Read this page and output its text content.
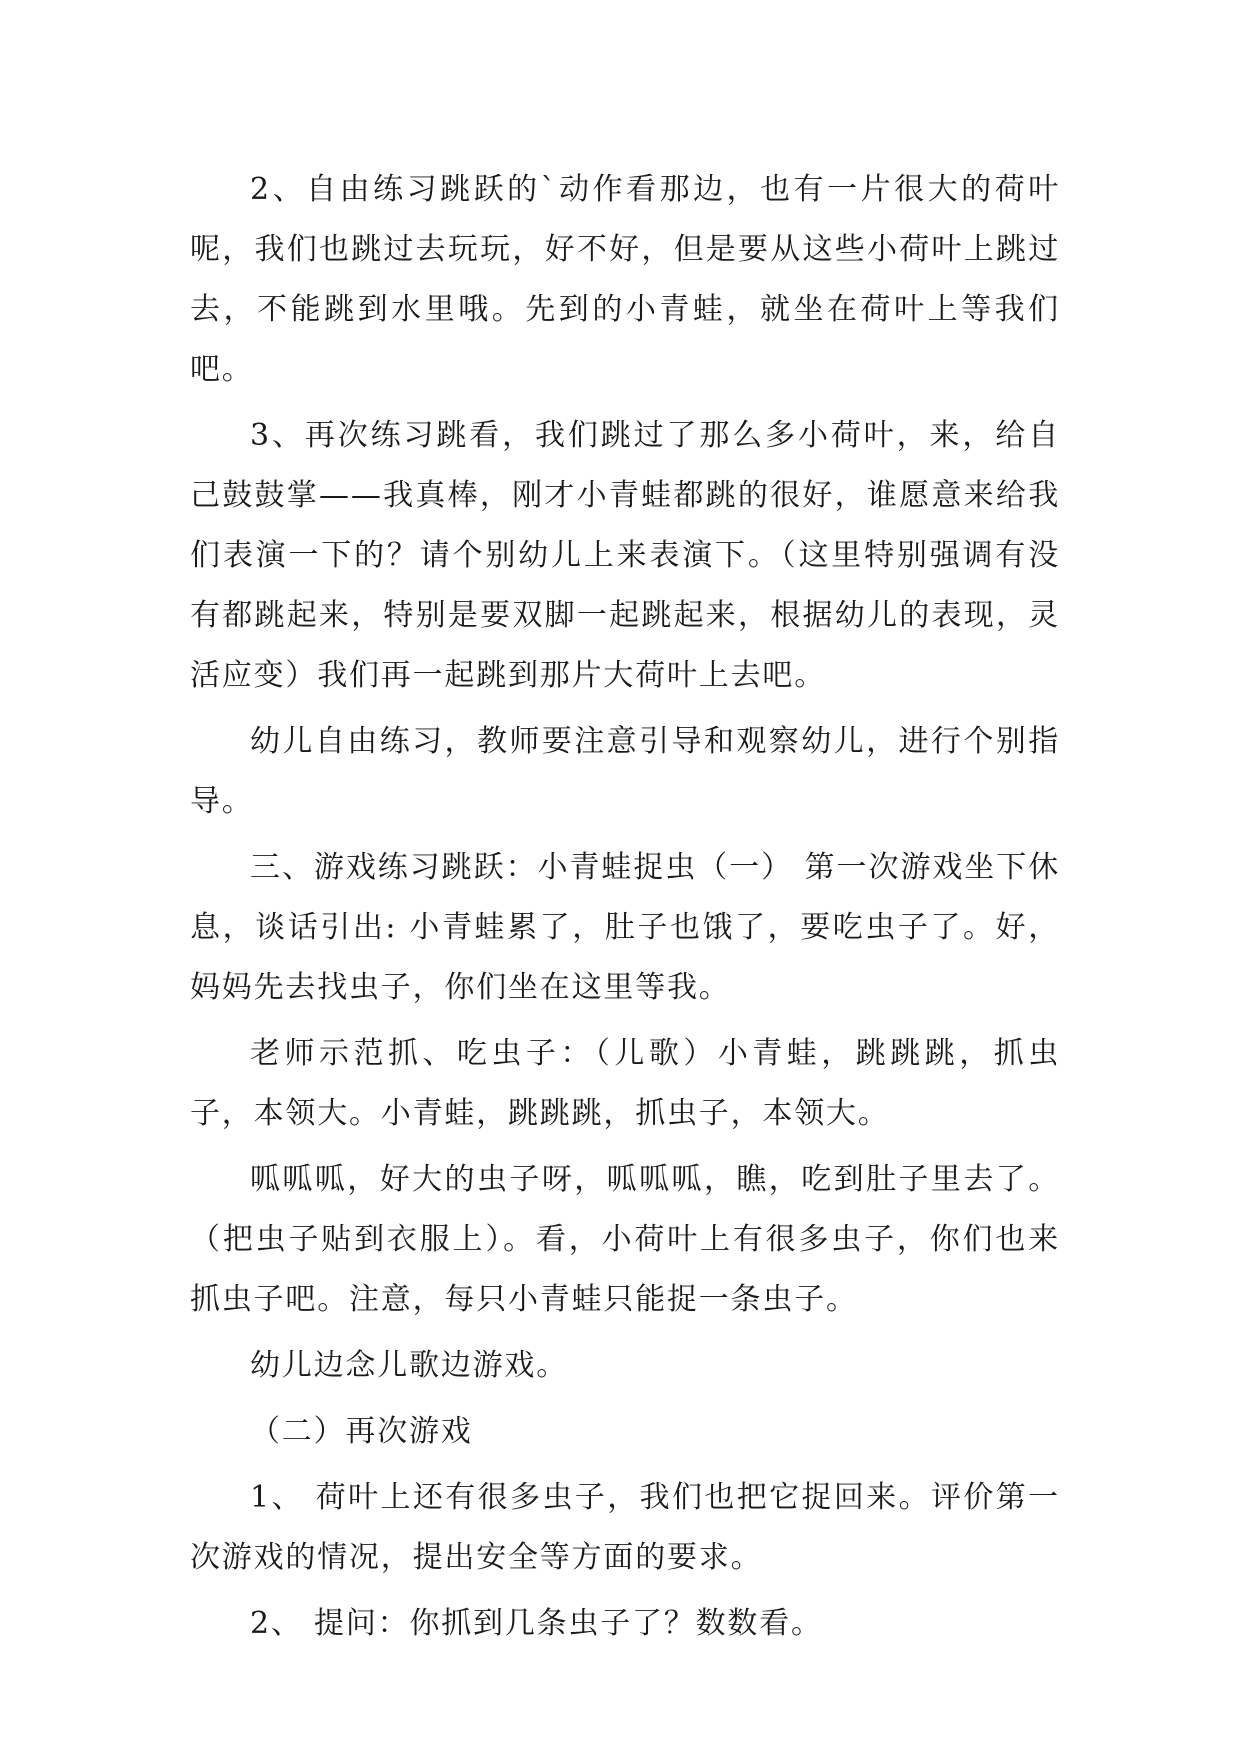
2、自由练习跳跃的`动作看那边，也有一片很大的荷叶呢，我们也跳过去玩玩，好不好，但是要从这些小荷叶上跳过去，不能跳到水里哦。先到的小青蛙，就坐在荷叶上等我们吧。

3、再次练习跳看，我们跳过了那么多小荷叶，来，给自己鼓鼓掌——我真棒，刚才小青蛙都跳的很好，谁愿意来给我们表演一下的？请个别幼儿上来表演下。（这里特别强调有没有都跳起来，特别是要双脚一起跳起来，根据幼儿的表现，灵活应变）我们再一起跳到那片大荷叶上去吧。

幼儿自由练习，教师要注意引导和观察幼儿，进行个别指导。

三、游戏练习跳跃：小青蛙捉虫（一） 第一次游戏坐下休息，谈话引出: 小青蛙累了，肚子也饿了，要吃虫子了。好，妈妈先去找虫子，你们坐在这里等我。

老师示范抓、吃虫子：（儿歌）小青蛙，跳跳跳，抓虫子，本领大。小青蛙，跳跳跳，抓虫子，本领大。

呱呱呱，好大的虫子呀，呱呱呱，瞧，吃到肚子里去了。（把虫子贴到衣服上）。看，小荷叶上有很多虫子，你们也来抓虫子吧。注意，每只小青蛙只能捉一条虫子。

幼儿边念儿歌边游戏。

（二）再次游戏

1、 荷叶上还有很多虫子，我们也把它捉回来。评价第一次游戏的情况，提出安全等方面的要求。

2、 提问：你抓到几条虫子了？数数看。
